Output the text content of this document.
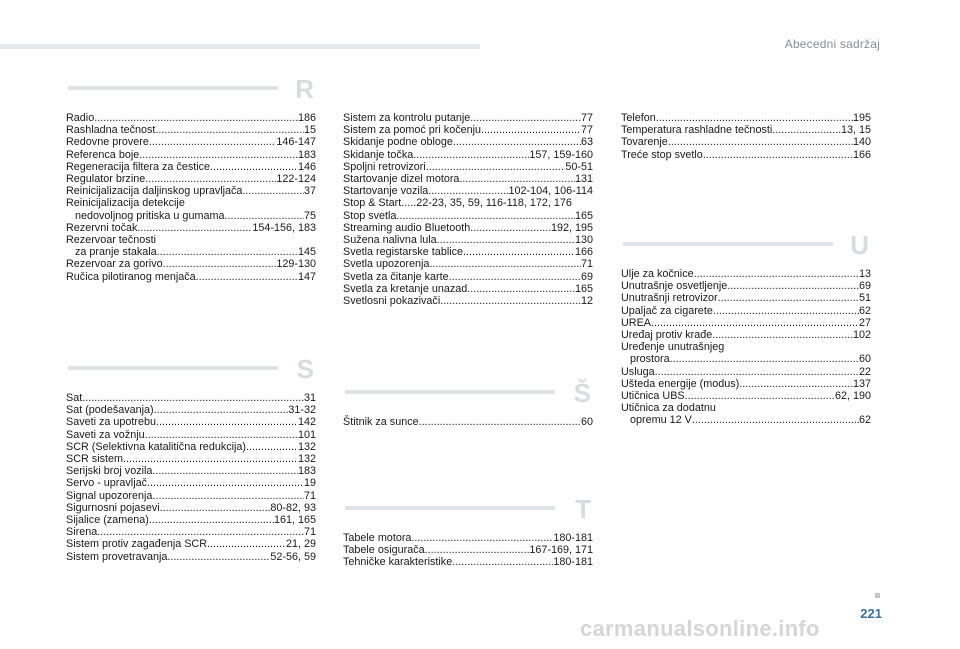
Abecedni sadržaj
R
Radio .....	186
Rashladna tečnost .....	15
Redovne provere .....	146-147
Referenca boje .....	183
Regeneracija filtera za čestice .....	146
Regulator brzine .....	122-124
Reinicijalizacija daljinskog upravljača .....	37
Reinicijalizacija detekcije
nedovoljnog pritiska u gumama .....	75
Rezervni točak .....	154-156, 183
Rezervoar tečnosti
za pranje stakala .....	145
Rezervoar za gorivo .....	129-130
Ručica pilotiranog menjača .....	147
S
Sat .....	31
Sat (podešavanja) .....	31-32
Saveti za upotrebu .....	142
Saveti za vožnju .....	101
SCR (Selektivna katalitična redukcija) .....	132
SCR sistem .....	132
Serijski broj vozila .....	183
Servo - upravljač .....	19
Signal upozorenja .....	71
Sigurnosni pojasevi .....	80-82, 93
Sijalice (zamena) .....	161, 165
Sirena .....	71
Sistem protiv zagađenja SCR .....	21, 29
Sistem provetravanja .....	52-56, 59
Sistem za kontrolu putanje .....	77
Sistem za pomoć pri kočenju .....	77
Skidanje podne obloge .....	63
Skidanje točka .....	157, 159-160
Spoljni retrovizori .....	50-51
Startovanje dizel motora .....	131
Startovanje vozila .....	102-104, 106-114
Stop & Start.....22-23, 35, 59, 116-118, 172, 176
Stop svetla .....	165
Streaming audio Bluetooth .....	192, 195
Sužena nalivna lula .....	130
Svetla registarske tablice .....	166
Svetla upozorenja .....	71
Svetla za čitanje karte .....	69
Svetla za kretanje unazad .....	165
Svetlosni pokazivači .....	12
Š
Štitnik za sunce .....	60
T
Tabele motora .....	180-181
Tabele osigurača .....	167-169, 171
Tehničke karakteristike .....	180-181
Telefon .....	195
Temperatura rashladne tečnosti .....	13, 15
Tovarenje .....	140
Treće stop svetlo .....	166
U
Ulje za kočnice .....	13
Unutrašnje osvetljenje .....	69
Unutrašnji retrovizor .....	51
Upaljač za cigarete .....	62
UREA .....	27
Uređaj protiv krađe .....	102
Uređenje unutrašnjeg
prostora .....	60
Usluga .....	22
Ušteda energije (modus) .....	137
Utičnica UBS .....	62, 190
Utičnica za dodatnu
opremu 12 V .....	62
221
carmanualsonline.info
